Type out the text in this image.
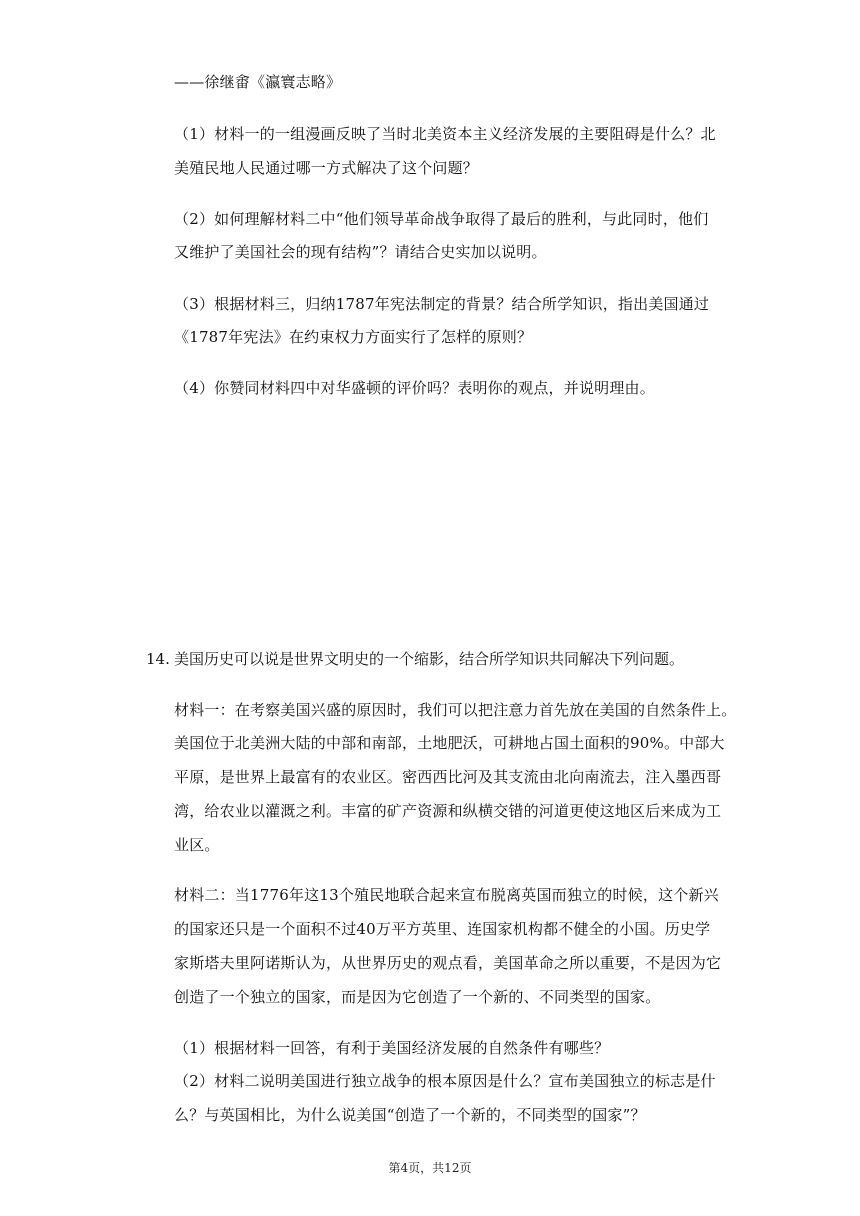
——徐继畬《瀛寰志略》
（1）材料一的一组漫画反映了当时北美资本主义经济发展的主要阻碍是什么？北
美殖民地人民通过哪一方式解决了这个问题？
（2）如何理解材料二中“他们领导革命战争取得了最后的胜利，与此同时，他们
又维护了美国社会的现有结构”？请结合史实加以说明。
（3）根据材料三，归纳1787年宪法制定的背景？结合所学知识，指出美国通过
《1787年宪法》在约束权力方面实行了怎样的原则？
（4）你赞同材料四中对华盛顿的评价吗？表明你的观点，并说明理由。
14. 美国历史可以说是世界文明史的一个缩影，结合所学知识共同解决下列问题。
材料一：在考察美国兴盛的原因时，我们可以把注意力首先放在美国的自然条件上。
美国位于北美洲大陆的中部和南部，土地肥沃，可耕地占国土面积的90%。中部大
平原，是世界上最富有的农业区。密西西比河及其支流由北向南流去，注入墨西哥
湾，给农业以灌溉之利。丰富的矿产资源和纵横交错的河道更使这地区后来成为工
业区。
材料二：当1776年这13个殖民地联合起来宣布脱离英国而独立的时候，这个新兴
的国家还只是一个面积不过40万平方英里、连国家机构都不健全的小国。历史学
家斯塔夫里阿诺斯认为，从世界历史的观点看，美国革命之所以重要，不是因为它
创造了一个独立的国家，而是因为它创造了一个新的、不同类型的国家。
（1）根据材料一回答，有利于美国经济发展的自然条件有哪些？
（2）材料二说明美国进行独立战争的根本原因是什么？宣布美国独立的标志是什
么？与英国相比，为什么说美国“创造了一个新的，不同类型的国家”？
第4页，共12页
